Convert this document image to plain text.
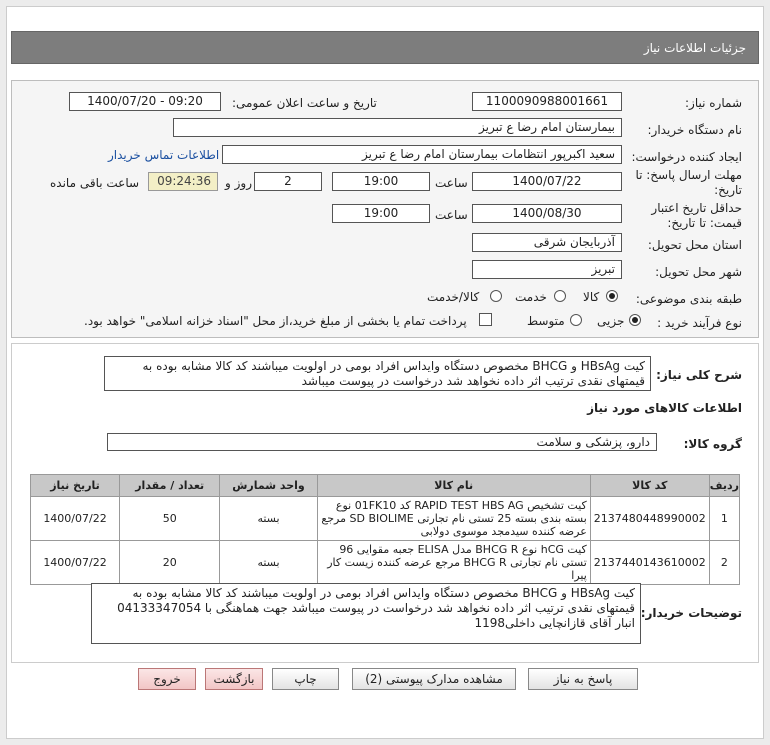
جزئیات اطلاعات نیاز
شماره نیاز:
1100090988001661
تاریخ و ساعت اعلان عمومی:
1400/07/20 - 09:20
نام دستگاه خریدار:
بیمارستان امام رضا ع تبریز
ایجاد کننده درخواست:
سعید اکبرپور انتظامات بیمارستان امام رضا ع تبریز
اطلاعات تماس خریدار
مهلت ارسال پاسخ: تا
تاریخ:
1400/07/22
ساعت
19:00
2
روز و
09:24:36
ساعت باقی مانده
حداقل تاریخ اعتبار
قیمت: تا تاریخ:
1400/08/30
ساعت
19:00
استان محل تحویل:
آذربایجان شرقی
شهر محل تحویل:
تبریز
طبقه بندی موضوعی:
کالا
خدمت
کالا/خدمت
نوع فرآیند خرید :
جزیی
متوسط
پرداخت تمام یا بخشی از مبلغ خرید،از محل "اسناد خزانه اسلامی" خواهد بود.
شرح کلی نیاز:
کیت HBsAg و BHCG مخصوص دستگاه وایداس افراد بومی در اولویت میباشند کد کالا مشابه بوده به قیمتهای نقدی ترتیب اثر داده نخواهد شد درخواست در پیوست میباشد
اطلاعات کالاهای مورد نیاز
گروه کالا:
دارو، پزشکی و سلامت
ردیف	کد کالا	نام کالا	واحد شمارش	تعداد / مقدار	تاریخ نیاز
1	2137480448990002	کیت تشخیص RAPID TEST HBS AG کد 01FK10 نوع بسته بندی بسته 25 تستی نام تجارتی SD BIOLIME مرجع عرضه کننده سیدمجد موسوی دولابی	بسته	50	1400/07/22
2	2137440143610002	کیت hCG نوع BHCG R مدل ELISA جعبه مقوایی 96 تستی نام تجارتی BHCG R مرجع عرضه کننده زیست کار پیرا	بسته	20	1400/07/22
توضیحات خریدار:
کیت HBsAg و BHCG مخصوص دستگاه وایداس افراد بومی در اولویت میباشند کد کالا مشابه بوده به قیمتهای نقدی ترتیب اثر داده نخواهد شد درخواست در پیوست میباشد جهت هماهنگی با 04133347054 انبار آقای قازانچایی داخلی1198
پاسخ به نیاز
مشاهده مدارک پیوستی (2)
چاپ
بازگشت
خروج
